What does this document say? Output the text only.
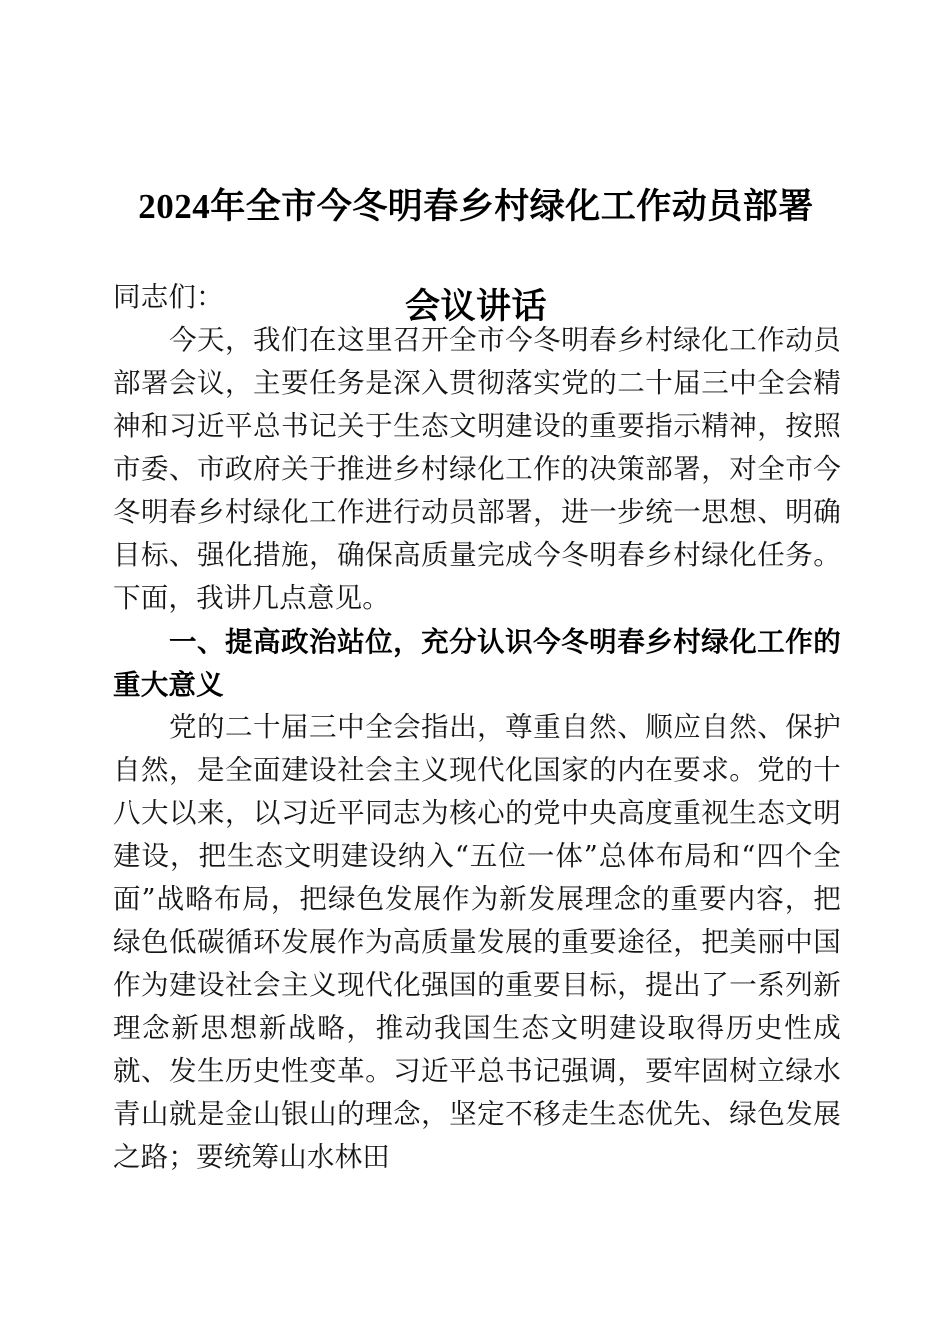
2024年全市今冬明春乡村绿化工作动员部署

会议讲话

同志们：

今天，我们在这里召开全市今冬明春乡村绿化工作动员部署会议，主要任务是深入贯彻落实党的二十届三中全会精神和习近平总书记关于生态文明建设的重要指示精神，按照市委、市政府关于推进乡村绿化工作的决策部署，对全市今冬明春乡村绿化工作进行动员部署，进一步统一思想、明确目标、强化措施，确保高质量完成今冬明春乡村绿化任务。下面，我讲几点意见。

一、提高政治站位，充分认识今冬明春乡村绿化工作的重大意义

党的二十届三中全会指出，尊重自然、顺应自然、保护自然，是全面建设社会主义现代化国家的内在要求。党的十八大以来，以习近平同志为核心的党中央高度重视生态文明建设，把生态文明建设纳入“五位一体”总体布局和“四个全面”战略布局，把绿色发展作为新发展理念的重要内容，把绿色低碳循环发展作为高质量发展的重要途径，把美丽中国作为建设社会主义现代化强国的重要目标，提出了一系列新理念新思想新战略，推动我国生态文明建设取得历史性成就、发生历史性变革。习近平总书记强调，要牢固树立绿水青山就是金山银山的理念，坚定不移走生态优先、绿色发展之路；要统筹山水林田
